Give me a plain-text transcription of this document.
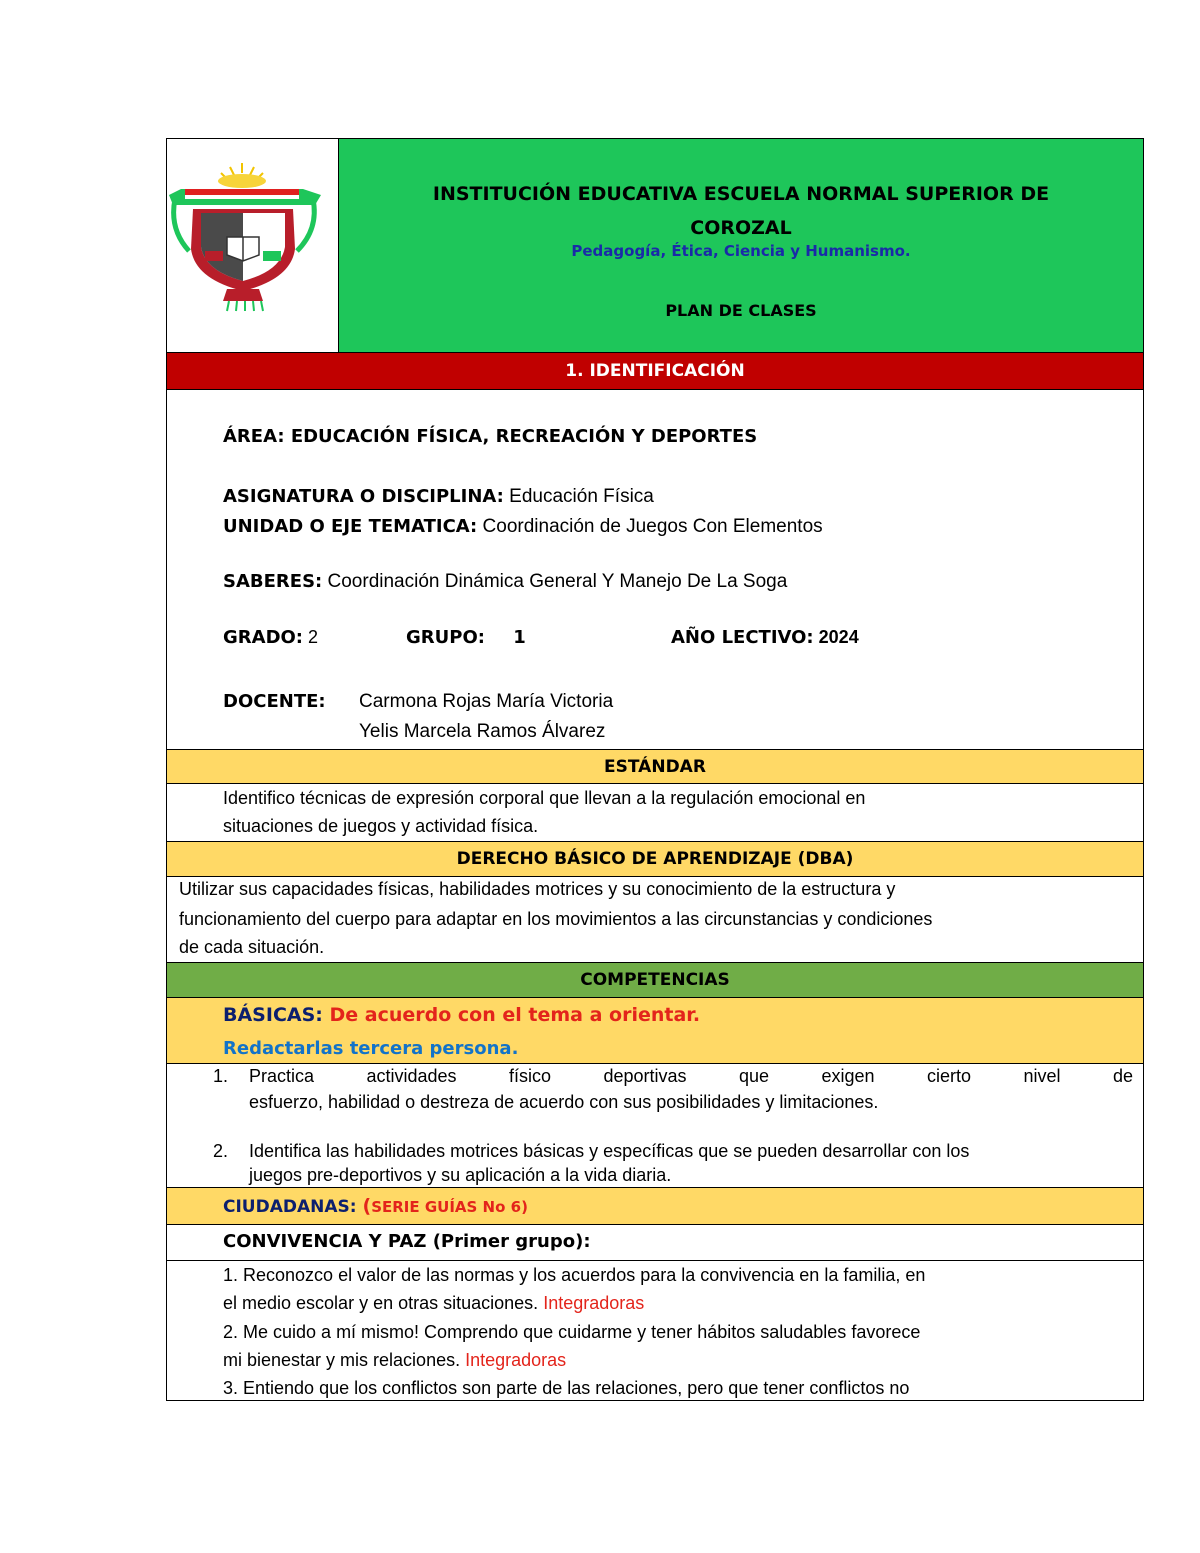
INSTITUCIÓN EDUCATIVA ESCUELA NORMAL SUPERIOR DE
COROZAL
Pedagogía, Ética, Ciencia y Humanismo.
PLAN DE CLASES
1. IDENTIFICACIÓN
ÁREA: EDUCACIÓN FÍSICA, RECREACIÓN Y DEPORTES
ASIGNATURA O DISCIPLINA: Educación Física
UNIDAD O EJE TEMATICA: Coordinación de Juegos Con Elementos
SABERES: Coordinación Dinámica General Y Manejo De La Soga
GRADO: 2	GRUPO: 1	AÑO LECTIVO: 2024
DOCENTE: Carmona Rojas María Victoria
Yelis Marcela Ramos Álvarez
ESTÁNDAR
Identifico técnicas de expresión corporal que llevan a la regulación emocional en
situaciones de juegos y actividad física.
DERECHO BÁSICO DE APRENDIZAJE (DBA)
Utilizar sus capacidades físicas, habilidades motrices y su conocimiento de la estructura y
funcionamiento del cuerpo para adaptar en los movimientos a las circunstancias y condiciones
de cada situación.
COMPETENCIAS
BÁSICAS: De acuerdo con el tema a orientar.
Redactarlas tercera persona.
1. Practica	actividades	físico	deportivas	que	exigen	cierto	nivel	de
esfuerzo, habilidad o destreza de acuerdo con sus posibilidades y limitaciones.
2. Identifica las habilidades motrices básicas y específicas que se pueden desarrollar con los
juegos pre-deportivos y su aplicación a la vida diaria.
CIUDADANAS: (SERIE GUÍAS No 6)
CONVIVENCIA Y PAZ (Primer grupo):
1. Reconozco el valor de las normas y los acuerdos para la convivencia en la familia, en
el medio escolar y en otras situaciones. Integradoras
2. Me cuido a mí mismo! Comprendo que cuidarme y tener hábitos saludables favorece
mi bienestar y mis relaciones. Integradoras
3. Entiendo que los conflictos son parte de las relaciones, pero que tener conflictos no
